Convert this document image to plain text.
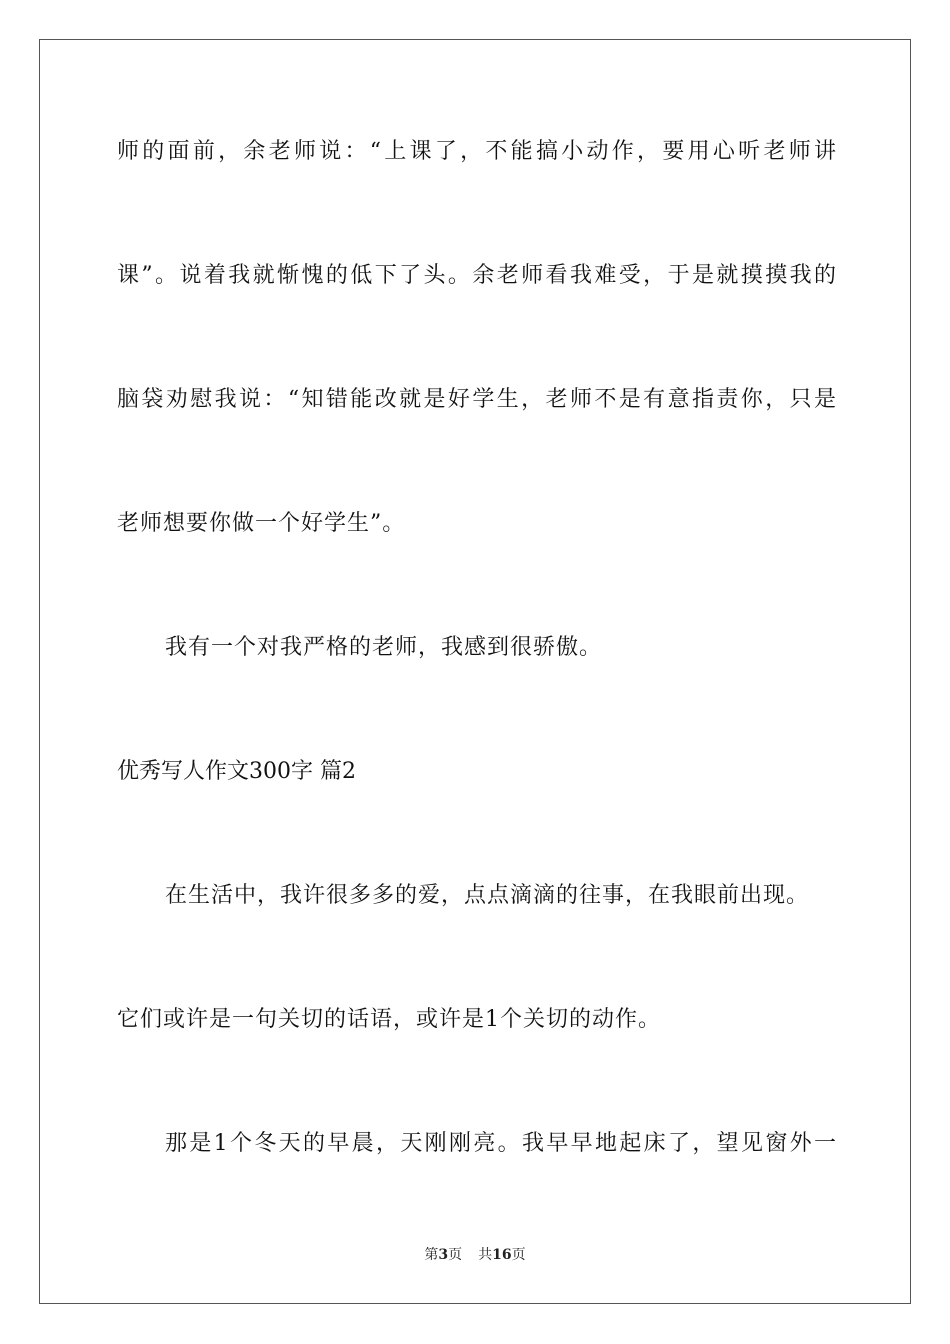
师的面前，余老师说：“上课了，不能搞小动作，要用心听老师讲
课”。说着我就惭愧的低下了头。余老师看我难受，于是就摸摸我的
脑袋劝慰我说：“知错能改就是好学生，老师不是有意指责你，只是
老师想要你做一个好学生”。
我有一个对我严格的老师，我感到很骄傲。
优秀写人作文300字 篇2
在生活中，我许很多多的爱，点点滴滴的往事，在我眼前出现。
它们或许是一句关切的话语，或许是1个关切的动作。
那是1个冬天的早晨，天刚刚亮。我早早地起床了，望见窗外一
第3页 共16页
